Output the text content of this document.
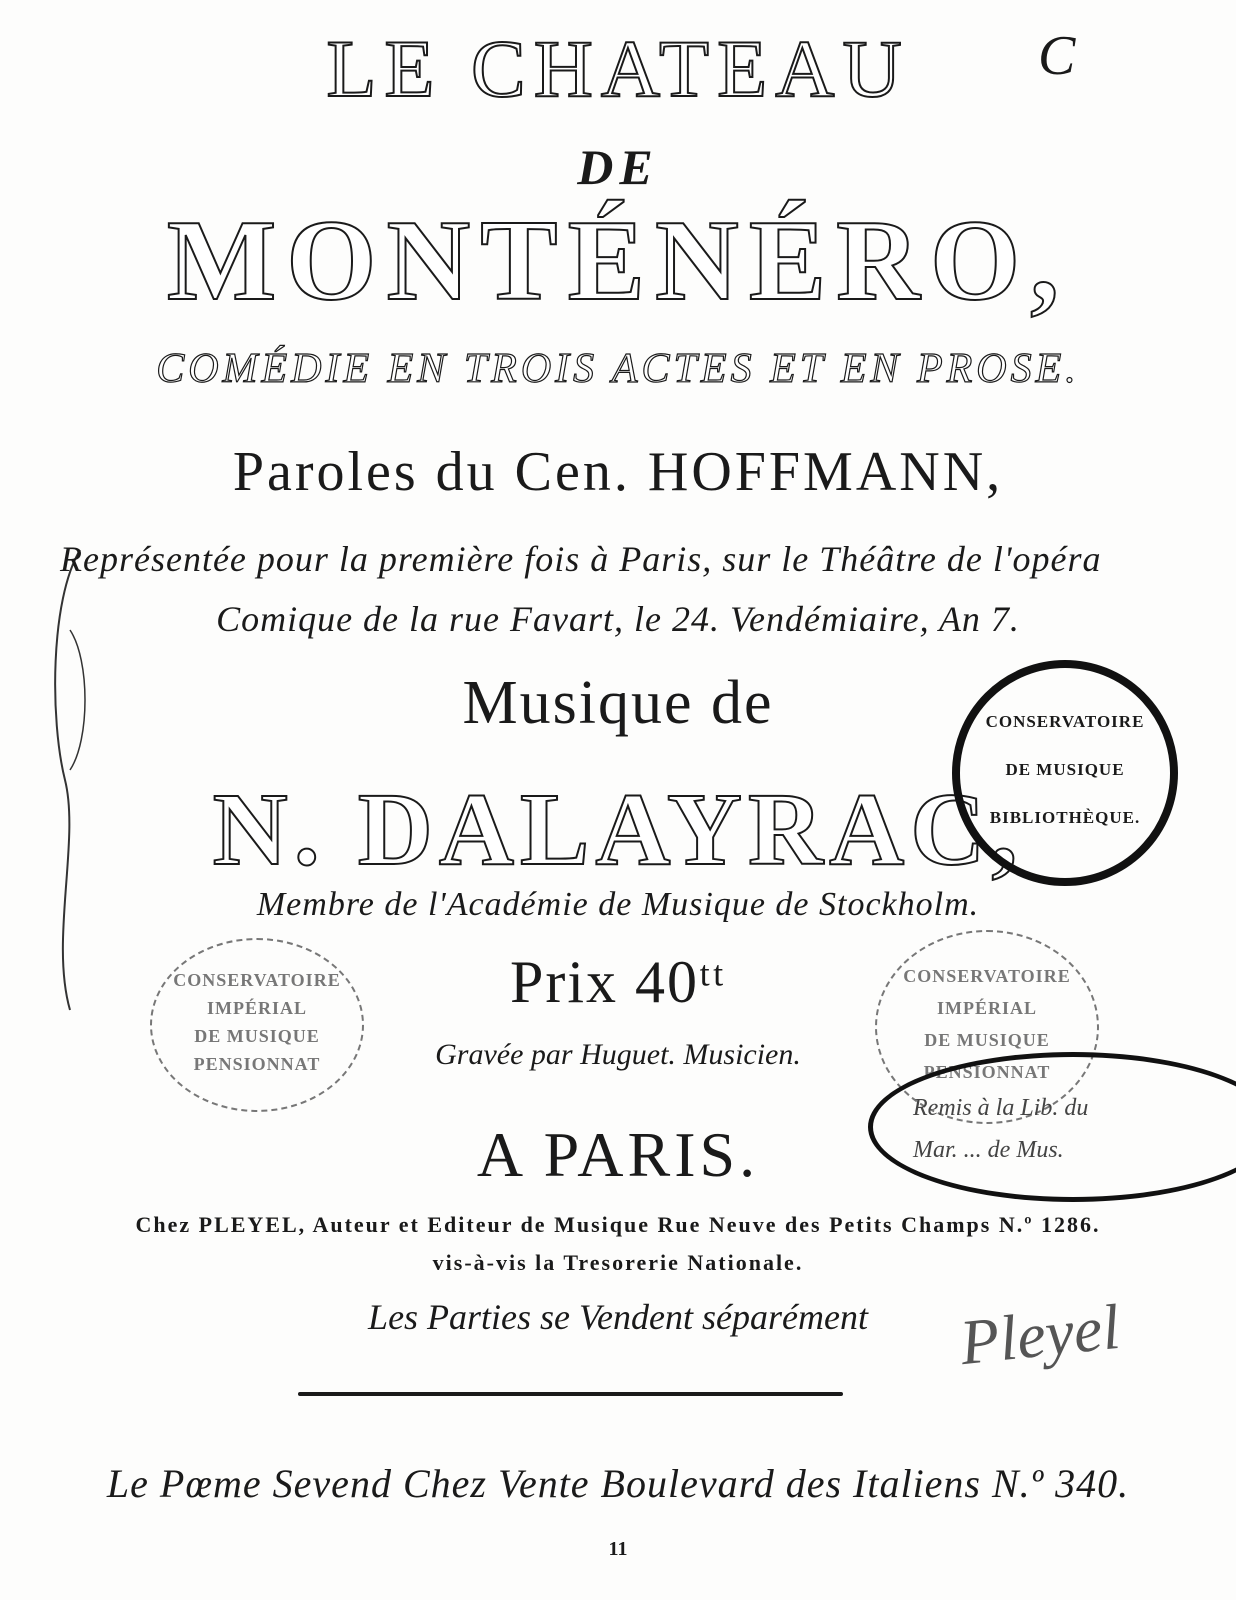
C
LE CHATEAU
DE
MONTÉNÉRO,
COMÉDIE EN TROIS ACTES ET EN PROSE.
Paroles du Cen. HOFFMANN,
Représentée pour la première fois à Paris, sur le Théâtre de l'opéra
Comique de la rue Favart, le 24. Vendémiaire, An 7.
Musique de
N. DALAYRAC,
Membre de l'Académie de Musique de Stockholm.
Prix 40ᵗᵗ
Gravée par Huguet. Musicien.
A PARIS.
Chez PLEYEL, Auteur et Editeur de Musique Rue Neuve des Petits Champs N.º 1286.
vis-à-vis la Tresorerie Nationale.
Les Parties se Vendent séparément
Le Pœme Sevend Chez Vente Boulevard des Italiens N.º 340.
11
CONSERVATOIRE
DE MUSIQUE
BIBLIOTHÈQUE.
CONSERVATOIRE
IMPÉRIAL
DE MUSIQUE
PENSIONNAT
CONSERVATOIRE
IMPÉRIAL
DE MUSIQUE
PENSIONNAT
Remis à la Lib. du
Mar. ... de Mus.
Pleyel
